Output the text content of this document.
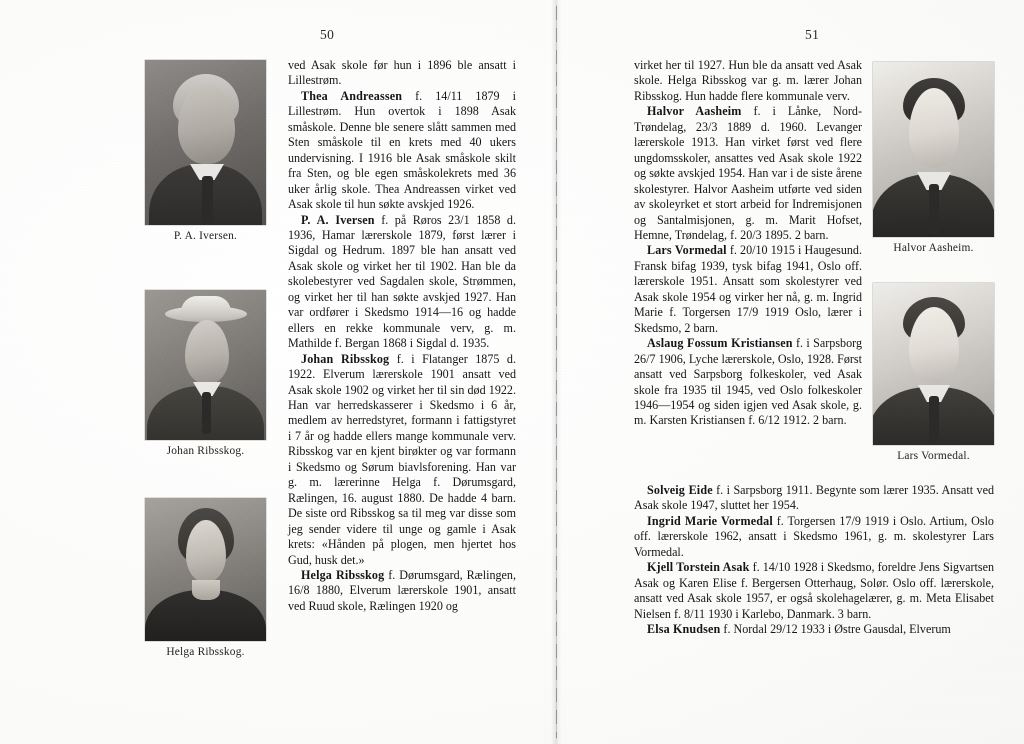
50
P. A. Iversen.
Johan Ribsskog.
Helga Ribsskog.

ved Asak skole før hun i 1896 ble ansatt i Lillestrøm.

Thea Andreassen f. 14/11 1879 i Lillestrøm. Hun overtok i 1898 Asak småskole. Denne ble senere slått sammen med Sten småskole til en krets med 40 ukers undervisning. I 1916 ble Asak småskole skilt fra Sten, og ble egen småskolekrets med 36 uker årlig skole. Thea Andreassen virket ved Asak skole til hun søkte avskjed 1926.

P. A. Iversen f. på Røros 23/1 1858 d. 1936, Hamar lærerskole 1879, først lærer i Sigdal og Hedrum. 1897 ble han ansatt ved Asak skole og virket her til 1902. Han ble da skolebestyrer ved Sagdalen skole, Strømmen, og virket her til han søkte avskjed 1927. Han var ordfører i Skedsmo 1914—16 og hadde ellers en rekke kommunale verv, g. m. Mathilde f. Bergan 1868 i Sigdal d. 1935.

Johan Ribsskog f. i Flatanger 1875 d. 1922. Elverum lærerskole 1901 ansatt ved Asak skole 1902 og virket her til sin død 1922. Han var herredskasserer i Skedsmo i 6 år, medlem av herredstyret, formann i fattigstyret i 7 år og hadde ellers mange kommunale verv. Ribsskog var en kjent birøkter og var formann i Skedsmo og Sørum biavlsforening. Han var g. m. lærerinne Helga f. Dørumsgard, Rælingen, 16. august 1880. De hadde 4 barn. De siste ord Ribsskog sa til meg var disse som jeg sender videre til unge og gamle i Asak krets: «Hånden på plogen, men hjertet hos Gud, husk det.»

Helga Ribsskog f. Dørumsgard, Rælingen, 16/8 1880, Elverum lærerskole 1901, ansatt ved Ruud skole, Rælingen 1920 og

51
Halvor Aasheim.
Lars Vormedal.

virket her til 1927. Hun ble da ansatt ved Asak skole. Helga Ribsskog var g. m. lærer Johan Ribsskog. Hun hadde flere kommunale verv.

Halvor Aasheim f. i Lånke, Nord-Trøndelag, 23/3 1889 d. 1960. Levanger lærerskole 1913. Han virket først ved flere ungdomsskoler, ansattes ved Asak skole 1922 og søkte avskjed 1954. Han var i de siste årene skolestyrer. Halvor Aasheim utførte ved siden av skoleyrket et stort arbeid for Indremisjonen og Santalmisjonen, g. m. Marit Hofset, Hemne, Trøndelag, f. 20/3 1895. 2 barn.

Lars Vormedal f. 20/10 1915 i Haugesund. Fransk bifag 1939, tysk bifag 1941, Oslo off. lærerskole 1951. Ansatt som skolestyrer ved Asak skole 1954 og virker her nå, g. m. Ingrid Marie f. Torgersen 17/9 1919 Oslo, lærer i Skedsmo, 2 barn.

Aslaug Fossum Kristiansen f. i Sarpsborg 26/7 1906, Lyche lærerskole, Oslo, 1928. Først ansatt ved Sarpsborg folkeskoler, ved Asak skole fra 1935 til 1945, ved Oslo folkeskoler 1946—1954 og siden igjen ved Asak skole, g. m. Karsten Kristiansen f. 6/12 1912. 2 barn.

Solveig Eide f. i Sarpsborg 1911. Begynte som lærer 1935. Ansatt ved Asak skole 1947, sluttet her 1954.

Ingrid Marie Vormedal f. Torgersen 17/9 1919 i Oslo. Artium, Oslo off. lærerskole 1962, ansatt i Skedsmo 1961, g. m. skolestyrer Lars Vormedal.

Kjell Torstein Asak f. 14/10 1928 i Skedsmo, foreldre Jens Sigvartsen Asak og Karen Elise f. Bergersen Otterhaug, Solør. Oslo off. lærerskole, ansatt ved Asak skole 1957, er også skolehagelærer, g. m. Meta Elisabet Nielsen f. 8/11 1930 i Karlebo, Danmark. 3 barn.

Elsa Knudsen f. Nordal 29/12 1933 i Østre Gausdal, Elverum
